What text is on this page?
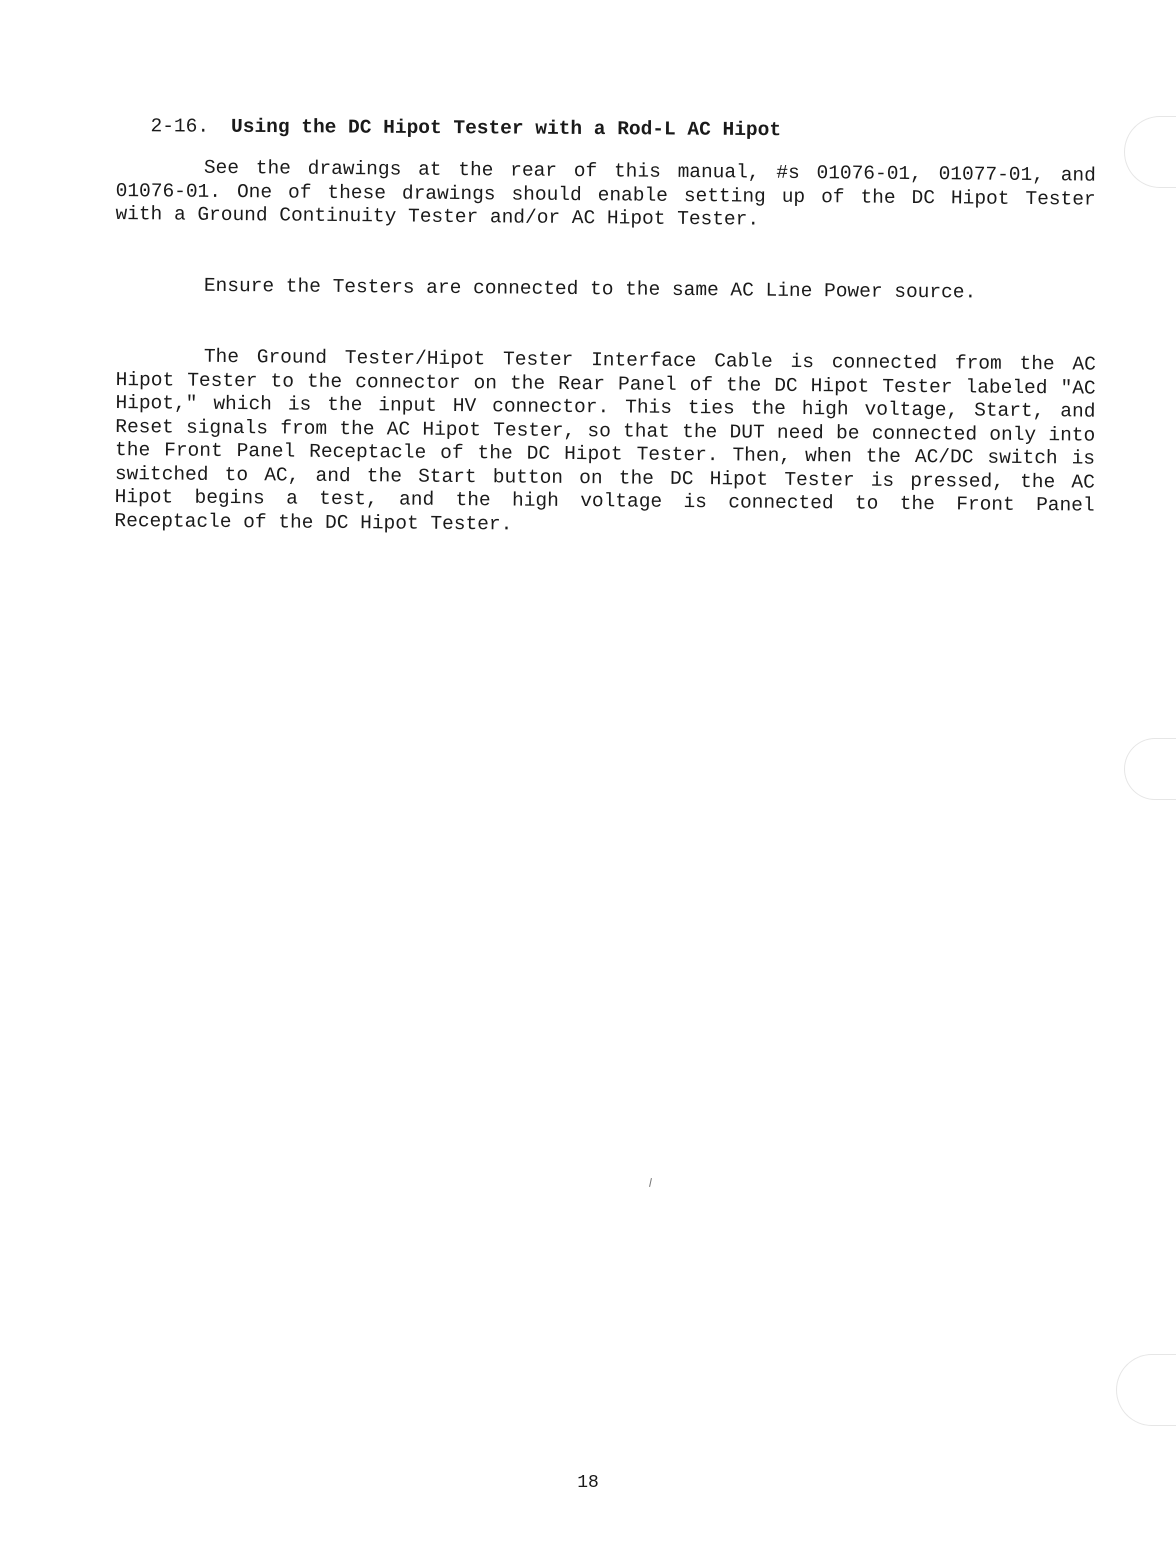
2-16. Using the DC Hipot Tester with a Rod-L AC Hipot

See the drawings at the rear of this manual, #s 01076-01, 01077-01, and 01076-01. One of these drawings should enable setting up of the DC Hipot Tester with a Ground Continuity Tester and/or AC Hipot Tester.

Ensure the Testers are connected to the same AC Line Power source.

The Ground Tester/Hipot Tester Interface Cable is connected from the AC Hipot Tester to the connector on the Rear Panel of the DC Hipot Tester labeled "AC Hipot," which is the input HV connector. This ties the high voltage, Start, and Reset signals from the AC Hipot Tester, so that the DUT need be connected only into the Front Panel Receptacle of the DC Hipot Tester. Then, when the AC/DC switch is switched to AC, and the Start button on the DC Hipot Tester is pressed, the AC Hipot begins a test, and the high voltage is connected to the Front Panel Receptacle of the DC Hipot Tester.

18
